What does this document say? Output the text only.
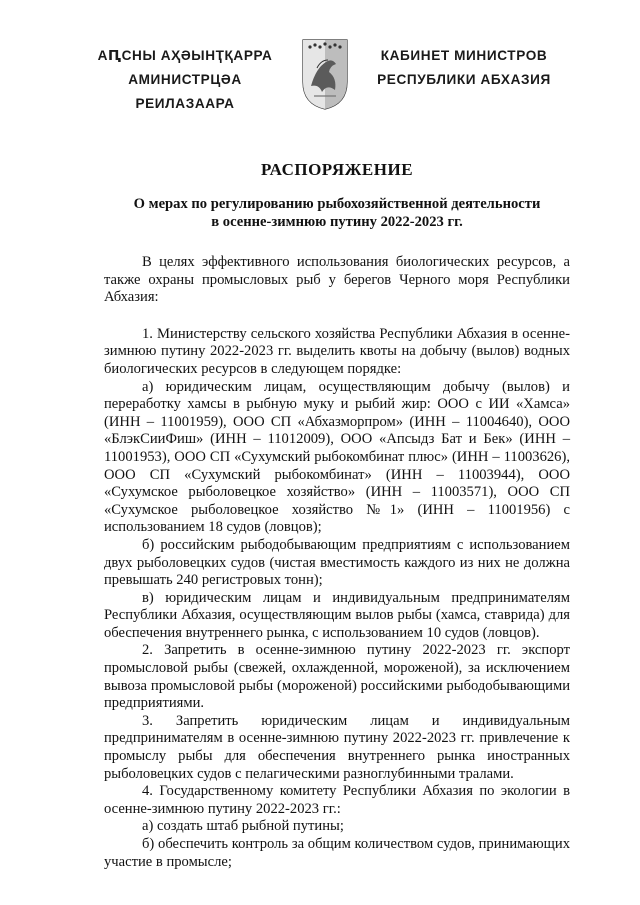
АԤСНЫ АҲӘЫНҬҚАРРА
АМИНИСТРЦӘА РЕИЛАЗААРА
КАБИНЕТ МИНИСТРОВ
РЕСПУБЛИКИ АБХАЗИЯ
РАСПОРЯЖЕНИЕ
О мерах по регулированию рыбохозяйственной деятельности
в осенне-зимнюю путину 2022-2023 гг.

В целях эффективного использования биологических ресурсов, а также охраны промысловых рыб у берегов Черного моря Республики Абхазия:

1. Министерству сельского хозяйства Республики Абхазия в осенне-зимнюю путину 2022-2023 гг. выделить квоты на добычу (вылов) водных биологических ресурсов в следующем порядке:

а) юридическим лицам, осуществляющим добычу (вылов) и переработку хамсы в рыбную муку и рыбий жир: ООО с ИИ «Хамса» (ИНН – 11001959), ООО СП «Абхазморпром» (ИНН – 11004640), ООО «БлэкСииФиш» (ИНН – 11012009), ООО «Апсыдз Бат и Бек» (ИНН – 11001953), ООО СП «Сухумский рыбокомбинат плюс» (ИНН – 11003626), ООО СП «Сухумский рыбокомбинат» (ИНН – 11003944), ООО «Сухумское рыболовецкое хозяйство» (ИНН – 11003571), ООО СП «Сухумское рыболовецкое хозяйство №1» (ИНН – 11001956) с использованием 18 судов (ловцов);

б) российским рыбодобывающим предприятиям с использованием двух рыболовецких судов (чистая вместимость каждого из них не должна превышать 240 регистровых тонн);

в) юридическим лицам и индивидуальным предпринимателям Республики Абхазия, осуществляющим вылов рыбы (хамса, ставрида) для обеспечения внутреннего рынка, с использованием 10 судов (ловцов).

2. Запретить в осенне-зимнюю путину 2022-2023 гг. экспорт промысловой рыбы (свежей, охлажденной, мороженой), за исключением вывоза промысловой рыбы (мороженой) российскими рыбодобывающими предприятиями.

3. Запретить юридическим лицам и индивидуальным предпринимателям в осенне-зимнюю путину 2022-2023 гг. привлечение к промыслу рыбы для обеспечения внутреннего рынка иностранных рыболовецких судов с пелагическими разноглубинными тралами.

4. Государственному комитету Республики Абхазия по экологии в осенне-зимнюю путину 2022-2023 гг.:

а) создать штаб рыбной путины;

б) обеспечить контроль за общим количеством судов, принимающих участие в промысле;
